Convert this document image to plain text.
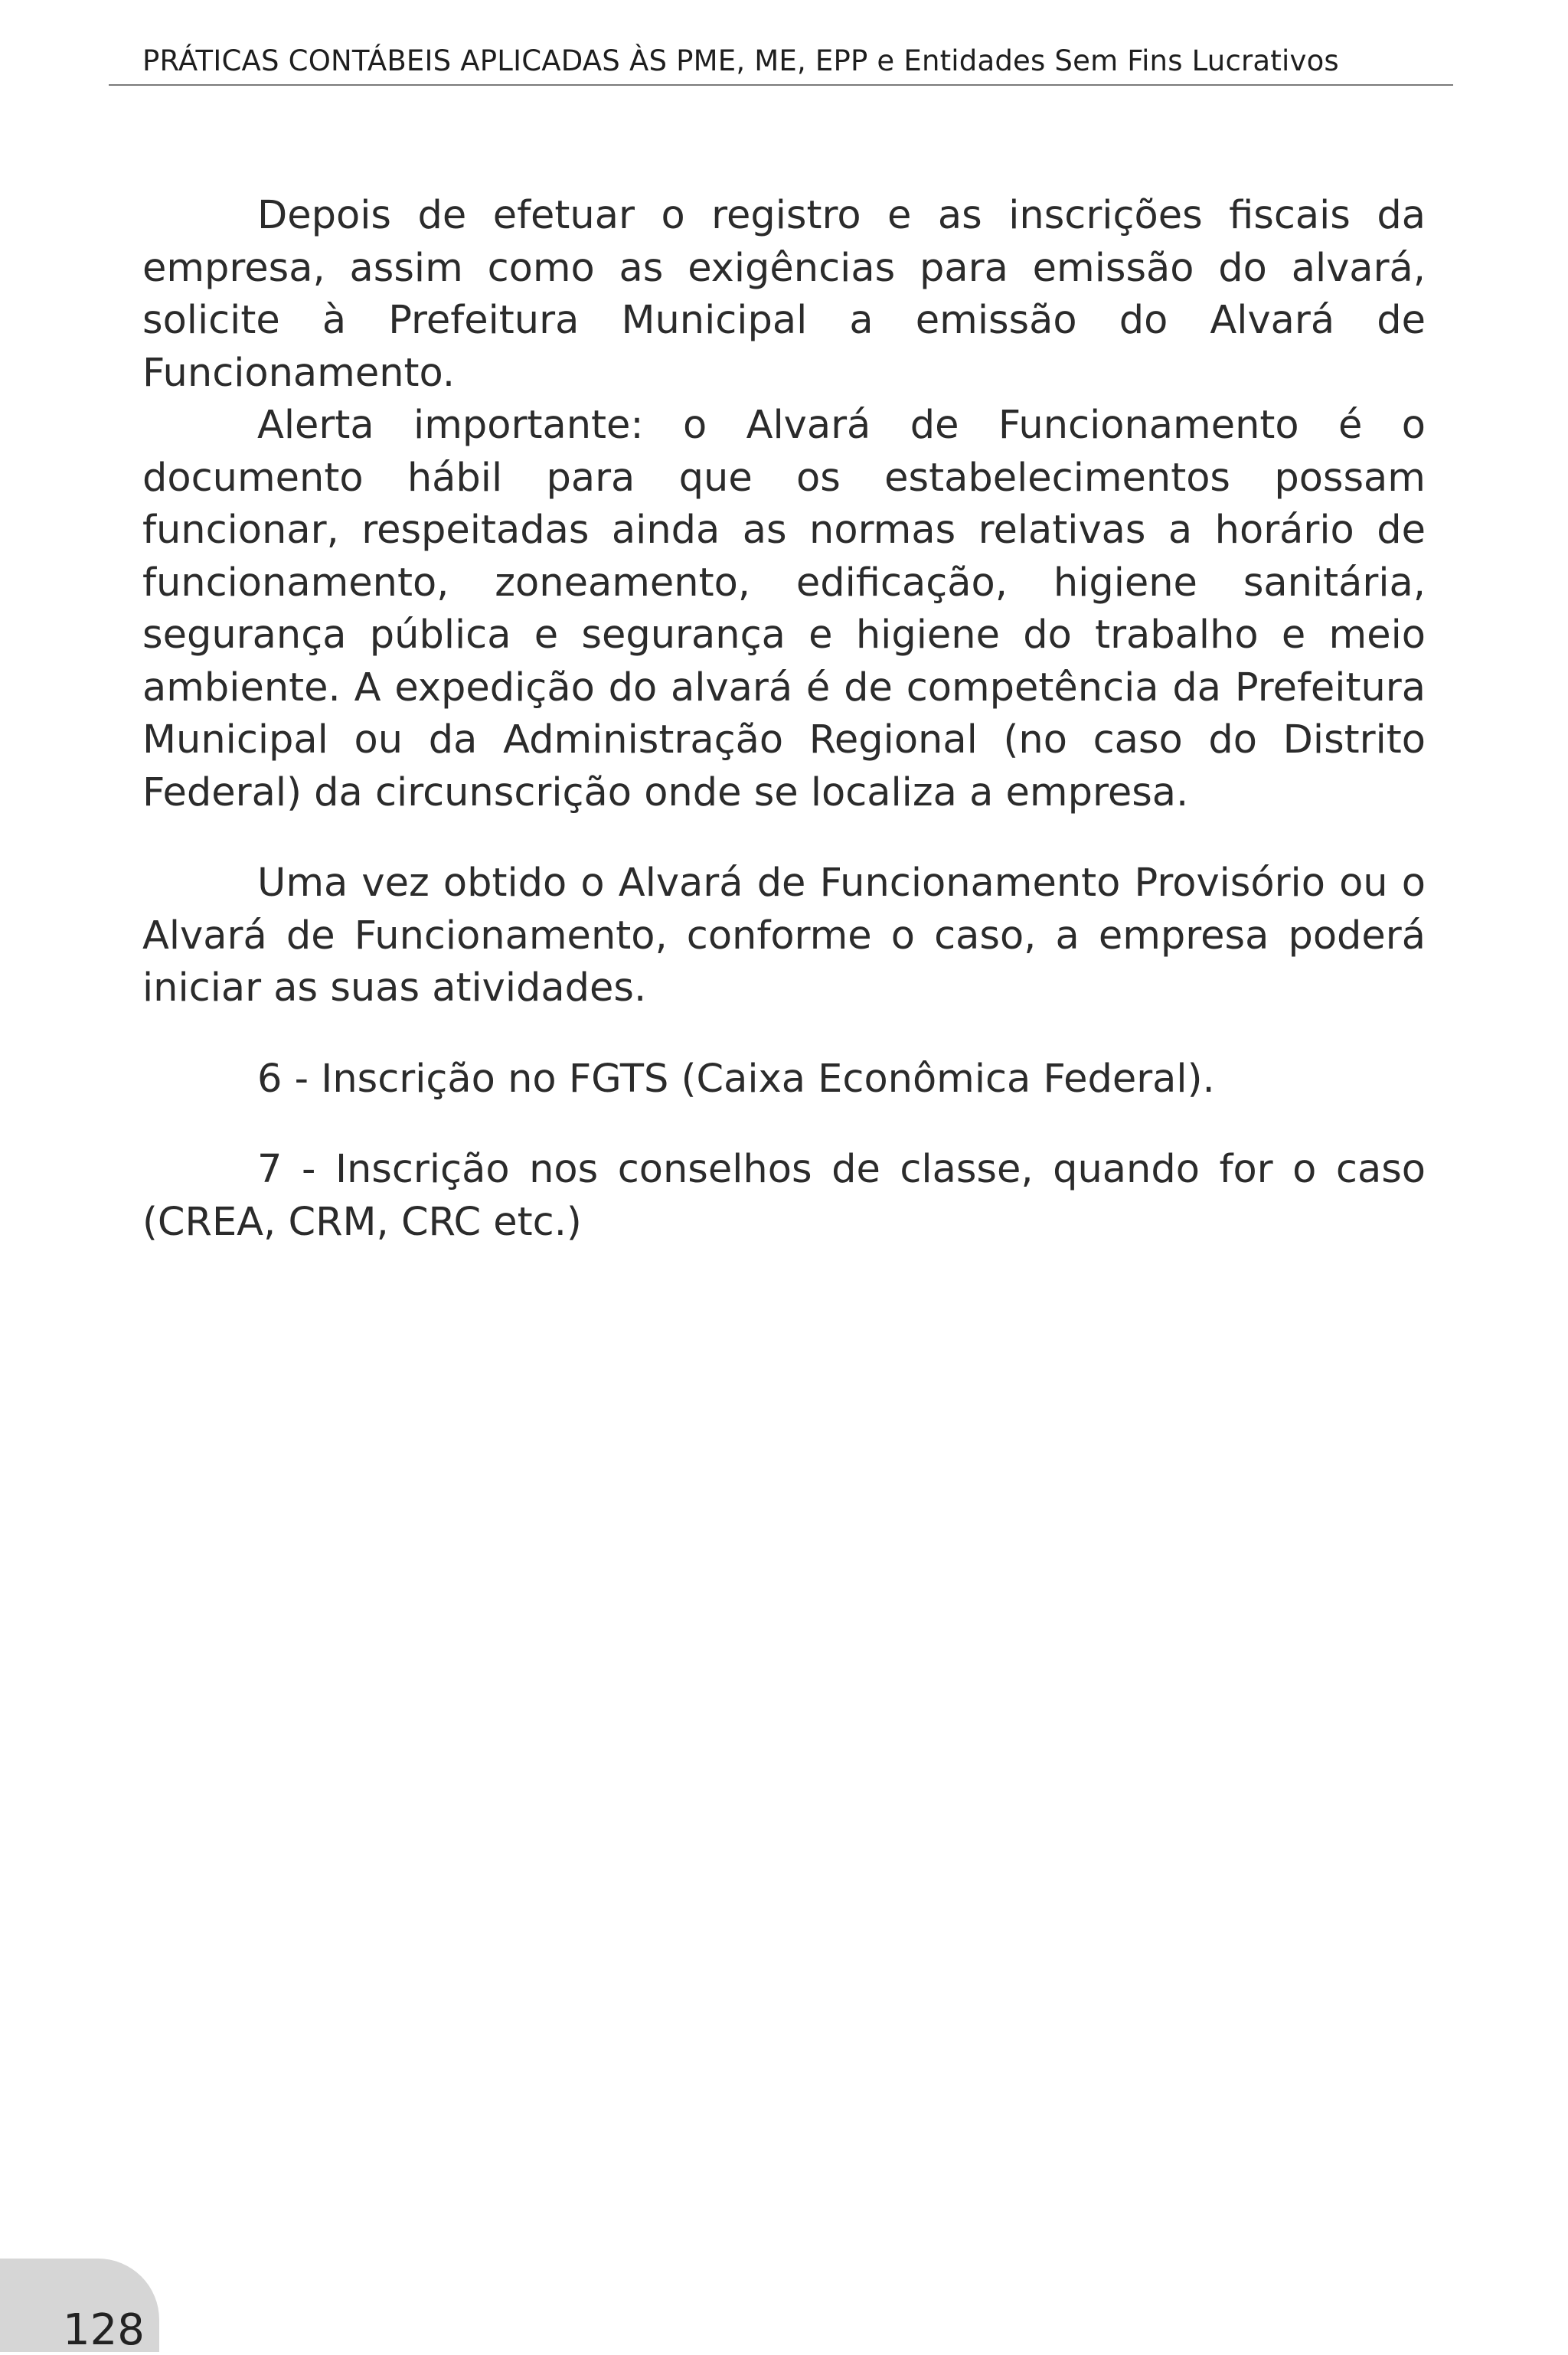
PRÁTICAS CONTÁBEIS APLICADAS ÀS PME, ME, EPP e Entidades Sem Fins Lucrativos

Depois de efetuar o registro e as inscrições fiscais da empresa, assim como as exigências para emissão do alvará, solicite à Prefeitura Municipal a emissão do Alvará de Funcionamento.

Alerta importante: o Alvará de Funcionamento é o documento hábil para que os estabelecimentos possam funcionar, respeitadas ainda as normas relativas a horário de funcionamento, zoneamento, edificação, higiene sanitária, segurança pública e segurança e higiene do trabalho e meio ambiente. A expedição do alvará é de competência da Prefeitura Municipal ou da Administração Regional (no caso do Distrito Federal) da circunscrição onde se localiza a empresa.

Uma vez obtido o Alvará de Funcionamento Provisório ou o Alvará de Funcionamento, conforme o caso, a empresa poderá iniciar as suas atividades.

6 - Inscrição no FGTS (Caixa Econômica Federal).

7 - Inscrição nos conselhos de classe, quando for o caso (CREA, CRM, CRC etc.)

128
